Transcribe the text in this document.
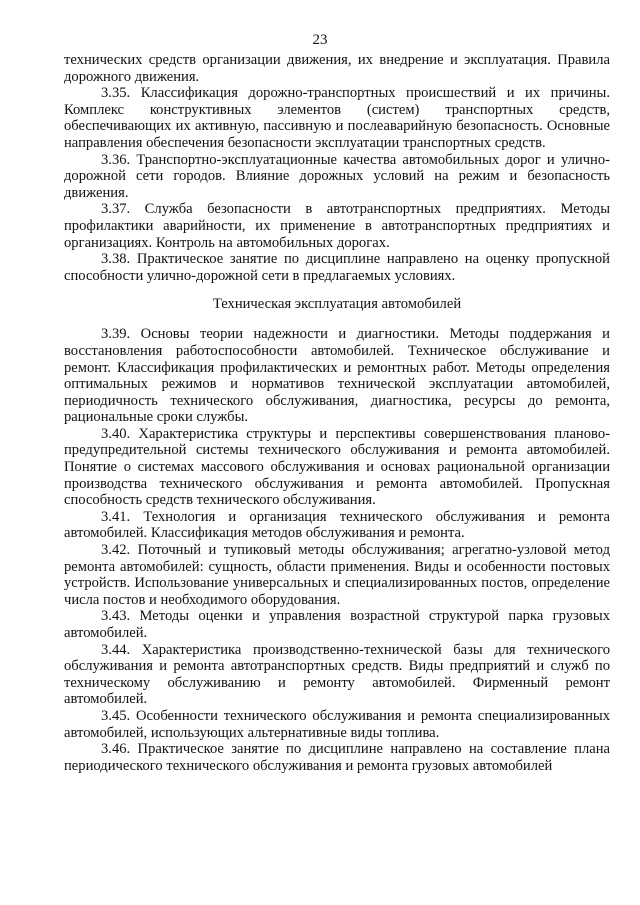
23

технических средств организации движения, их внедрение и эксплуатация. Правила дорожного движения.

3.35. Классификация дорожно-транспортных происшествий и их причины. Комплекс конструктивных элементов (систем) транспортных средств, обеспечивающих их активную, пассивную и послеаварийную безопасность. Основные направления обеспечения безопасности эксплуатации транспортных средств.

3.36. Транспортно-эксплуатационные качества автомобильных дорог и улично-дорожной сети городов. Влияние дорожных условий на режим и безопасность движения.

3.37. Служба безопасности в автотранспортных предприятиях. Методы профилактики аварийности, их применение в автотранспортных предприятиях и организациях. Контроль на автомобильных дорогах.

3.38. Практическое занятие по дисциплине направлено на оценку пропускной способности улично-дорожной сети в предлагаемых условиях.

Техническая эксплуатация автомобилей

3.39. Основы теории надежности и диагностики. Методы поддержания и восстановления работоспособности автомобилей. Техническое обслуживание и ремонт. Классификация профилактических и ремонтных работ. Методы определения оптимальных режимов и нормативов технической эксплуатации автомобилей, периодичность технического обслуживания, диагностика, ресурсы до ремонта, рациональные сроки службы.

3.40. Характеристика структуры и перспективы совершенствования планово-предупредительной системы технического обслуживания и ремонта автомобилей. Понятие о системах массового обслуживания и основах рациональной организации производства технического обслуживания и ремонта автомобилей. Пропускная способность средств технического обслуживания.

3.41. Технология и организация технического обслуживания и ремонта автомобилей. Классификация методов обслуживания и ремонта.

3.42. Поточный и тупиковый методы обслуживания; агрегатно-узловой метод ремонта автомобилей: сущность, области применения. Виды и особенности постовых устройств. Использование универсальных и специализированных постов, определение числа постов и необходимого оборудования.

3.43. Методы оценки и управления возрастной структурой парка грузовых автомобилей.

3.44. Характеристика производственно-технической базы для технического обслуживания и ремонта автотранспортных средств. Виды предприятий и служб по техническому обслуживанию и ремонту автомобилей. Фирменный ремонт автомобилей.

3.45. Особенности технического обслуживания и ремонта специализированных автомобилей, использующих альтернативные виды топлива.

3.46. Практическое занятие по дисциплине направлено на составление плана периодического технического обслуживания и ремонта грузовых автомобилей
